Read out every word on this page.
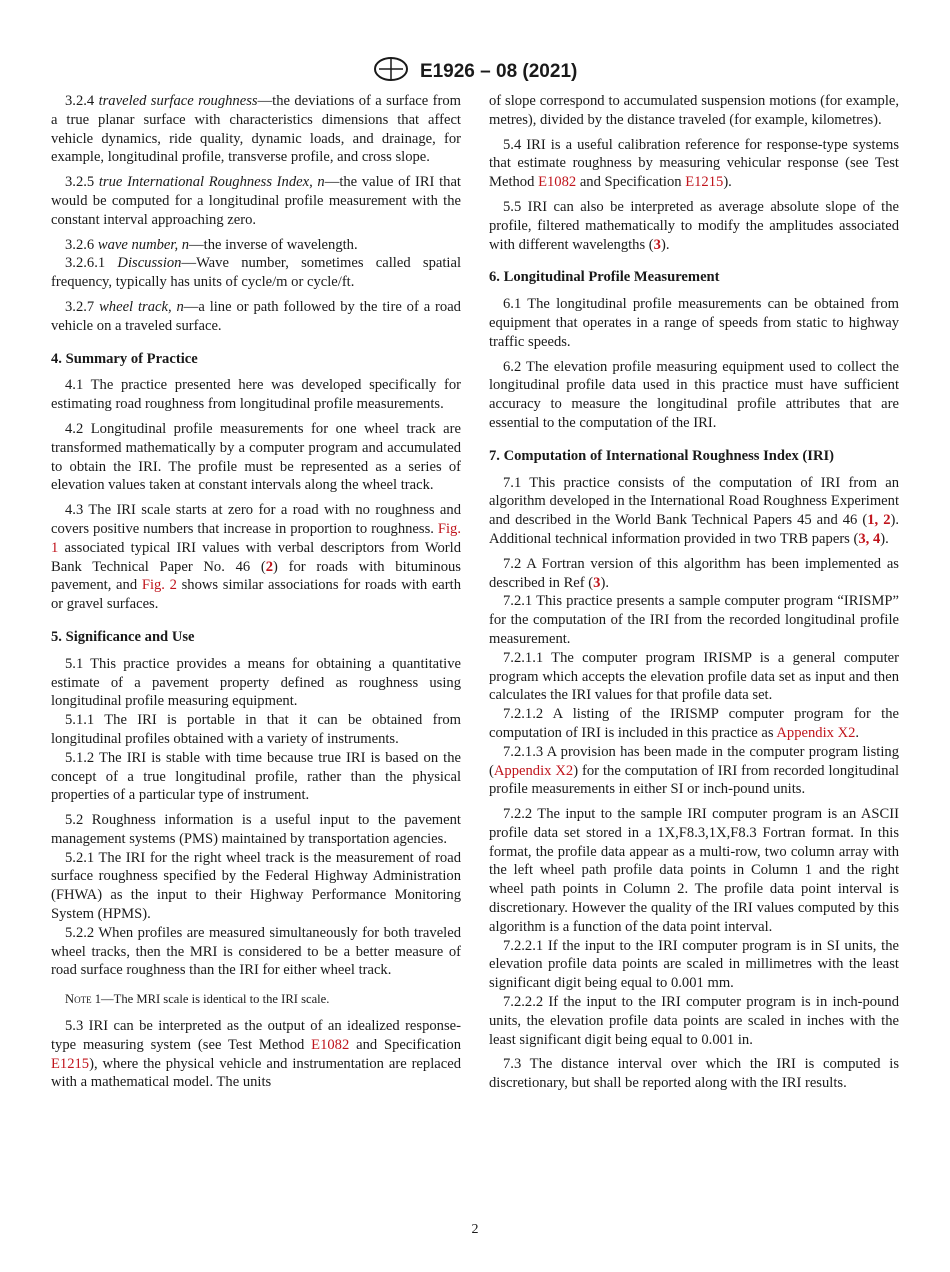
E1926 – 08 (2021)

3.2.4 traveled surface roughness—the deviations of a surface from a true planar surface with characteristics dimensions that affect vehicle dynamics, ride quality, dynamic loads, and drainage, for example, longitudinal profile, transverse profile, and cross slope.

3.2.5 true International Roughness Index, n—the value of IRI that would be computed for a longitudinal profile measurement with the constant interval approaching zero.

3.2.6 wave number, n—the inverse of wavelength.

3.2.6.1 Discussion—Wave number, sometimes called spatial frequency, typically has units of cycle/m or cycle/ft.

3.2.7 wheel track, n—a line or path followed by the tire of a road vehicle on a traveled surface.

4. Summary of Practice

4.1 The practice presented here was developed specifically for estimating road roughness from longitudinal profile measurements.

4.2 Longitudinal profile measurements for one wheel track are transformed mathematically by a computer program and accumulated to obtain the IRI. The profile must be represented as a series of elevation values taken at constant intervals along the wheel track.

4.3 The IRI scale starts at zero for a road with no roughness and covers positive numbers that increase in proportion to roughness. Fig. 1 associated typical IRI values with verbal descriptors from World Bank Technical Paper No. 46 (2) for roads with bituminous pavement, and Fig. 2 shows similar associations for roads with earth or gravel surfaces.

5. Significance and Use

5.1 This practice provides a means for obtaining a quantitative estimate of a pavement property defined as roughness using longitudinal profile measuring equipment.

5.1.1 The IRI is portable in that it can be obtained from longitudinal profiles obtained with a variety of instruments.

5.1.2 The IRI is stable with time because true IRI is based on the concept of a true longitudinal profile, rather than the physical properties of a particular type of instrument.

5.2 Roughness information is a useful input to the pavement management systems (PMS) maintained by transportation agencies.

5.2.1 The IRI for the right wheel track is the measurement of road surface roughness specified by the Federal Highway Administration (FHWA) as the input to their Highway Performance Monitoring System (HPMS).

5.2.2 When profiles are measured simultaneously for both traveled wheel tracks, then the MRI is considered to be a better measure of road surface roughness than the IRI for either wheel track.

Note 1—The MRI scale is identical to the IRI scale.

5.3 IRI can be interpreted as the output of an idealized response-type measuring system (see Test Method E1082 and Specification E1215), where the physical vehicle and instrumentation are replaced with a mathematical model. The units

of slope correspond to accumulated suspension motions (for example, metres), divided by the distance traveled (for example, kilometres).

5.4 IRI is a useful calibration reference for response-type systems that estimate roughness by measuring vehicular response (see Test Method E1082 and Specification E1215).

5.5 IRI can also be interpreted as average absolute slope of the profile, filtered mathematically to modify the amplitudes associated with different wavelengths (3).

6. Longitudinal Profile Measurement

6.1 The longitudinal profile measurements can be obtained from equipment that operates in a range of speeds from static to highway traffic speeds.

6.2 The elevation profile measuring equipment used to collect the longitudinal profile data used in this practice must have sufficient accuracy to measure the longitudinal profile attributes that are essential to the computation of the IRI.

7. Computation of International Roughness Index (IRI)

7.1 This practice consists of the computation of IRI from an algorithm developed in the International Road Roughness Experiment and described in the World Bank Technical Papers 45 and 46 (1, 2). Additional technical information provided in two TRB papers (3, 4).

7.2 A Fortran version of this algorithm has been implemented as described in Ref (3).

7.2.1 This practice presents a sample computer program “IRISMP” for the computation of the IRI from the recorded longitudinal profile measurement.

7.2.1.1 The computer program IRISMP is a general computer program which accepts the elevation profile data set as input and then calculates the IRI values for that profile data set.

7.2.1.2 A listing of the IRISMP computer program for the computation of IRI is included in this practice as Appendix X2.

7.2.1.3 A provision has been made in the computer program listing (Appendix X2) for the computation of IRI from recorded longitudinal profile measurements in either SI or inch-pound units.

7.2.2 The input to the sample IRI computer program is an ASCII profile data set stored in a 1X,F8.3,1X,F8.3 Fortran format. In this format, the profile data appear as a multi-row, two column array with the left wheel path profile data points in Column 1 and the right wheel path points in Column 2. The profile data point interval is discretionary. However the quality of the IRI values computed by this algorithm is a function of the data point interval.

7.2.2.1 If the input to the IRI computer program is in SI units, the elevation profile data points are scaled in millimetres with the least significant digit being equal to 0.001 mm.

7.2.2.2 If the input to the IRI computer program is in inch-pound units, the elevation profile data points are scaled in inches with the least significant digit being equal to 0.001 in.

7.3 The distance interval over which the IRI is computed is discretionary, but shall be reported along with the IRI results.

2
